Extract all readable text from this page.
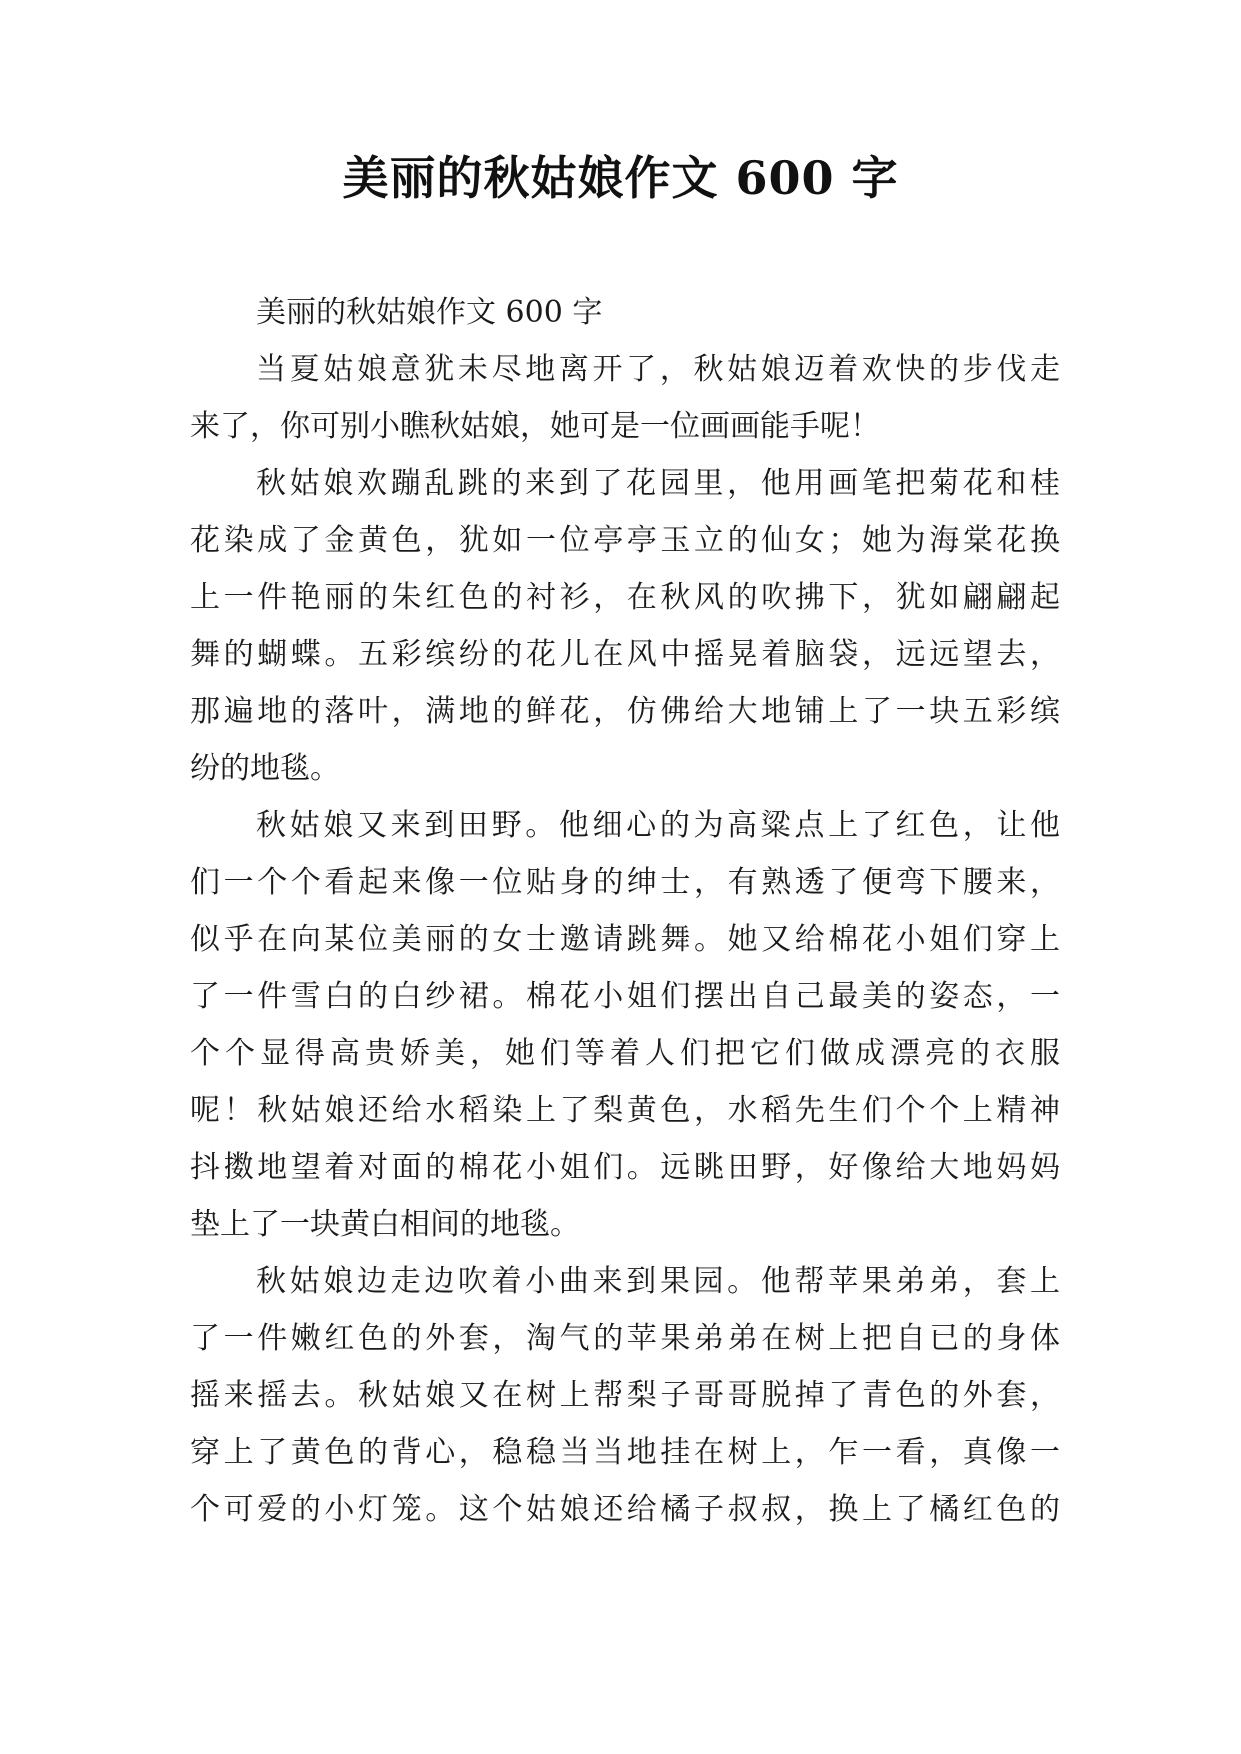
美丽的秋姑娘作文 600 字
美丽的秋姑娘作文 600 字
当夏姑娘意犹未尽地离开了，秋姑娘迈着欢快的步伐走
来了，你可别小瞧秋姑娘，她可是一位画画能手呢！
秋姑娘欢蹦乱跳的来到了花园里，他用画笔把菊花和桂
花染成了金黄色，犹如一位亭亭玉立的仙女；她为海棠花换
上一件艳丽的朱红色的衬衫，在秋风的吹拂下，犹如翩翩起
舞的蝴蝶。五彩缤纷的花儿在风中摇晃着脑袋，远远望去，
那遍地的落叶，满地的鲜花，仿佛给大地铺上了一块五彩缤
纷的地毯。
秋姑娘又来到田野。他细心的为高粱点上了红色，让他
们一个个看起来像一位贴身的绅士，有熟透了便弯下腰来，
似乎在向某位美丽的女士邀请跳舞。她又给棉花小姐们穿上
了一件雪白的白纱裙。棉花小姐们摆出自己最美的姿态，一
个个显得高贵娇美，她们等着人们把它们做成漂亮的衣服
呢！秋姑娘还给水稻染上了梨黄色，水稻先生们个个上精神
抖擞地望着对面的棉花小姐们。远眺田野，好像给大地妈妈
垫上了一块黄白相间的地毯。
秋姑娘边走边吹着小曲来到果园。他帮苹果弟弟，套上
了一件嫩红色的外套，淘气的苹果弟弟在树上把自已的身体
摇来摇去。秋姑娘又在树上帮梨子哥哥脱掉了青色的外套，
穿上了黄色的背心，稳稳当当地挂在树上，乍一看，真像一
个可爱的小灯笼。这个姑娘还给橘子叔叔，换上了橘红色的
